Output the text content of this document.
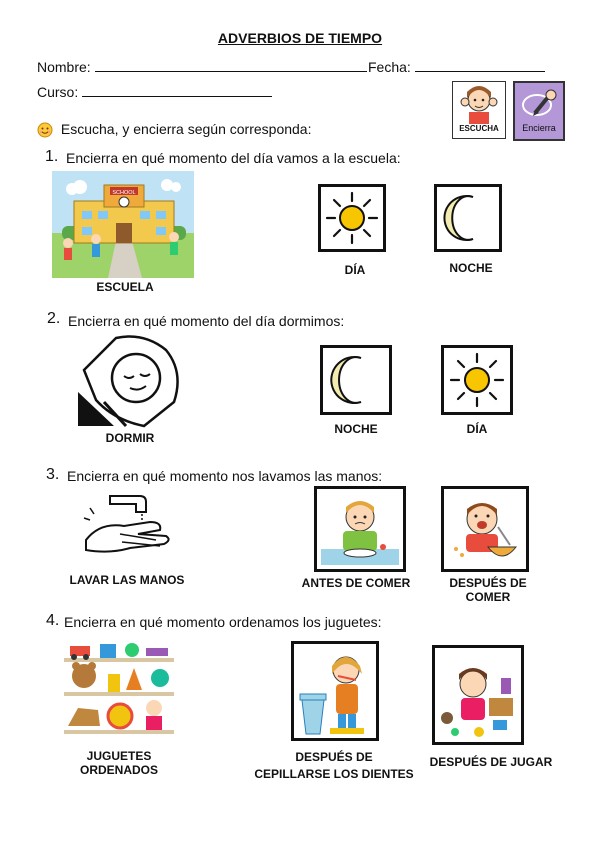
ADVERBIOS DE TIEMPO
Nombre:	Fecha:
Curso:
ESCUCHA	Encierra
Escucha, y encierra según corresponda:
1. Encierra en qué momento del día vamos a la escuela:
SCHOOL
ESCUELA
DÍA	NOCHE
2. Encierra en qué momento del día dormimos:
DORMIR
NOCHE	DÍA
3. Encierra en qué momento nos lavamos las manos:
LAVAR LAS MANOS	ANTES DE COMER	DESPUÉS DE COMER
4. Encierra en qué momento ordenamos los juguetes:
JUGUETES ORDENADOS
DESPUÉS DE
CEPILLARSE LOS DIENTES
DESPUÉS DE JUGAR
